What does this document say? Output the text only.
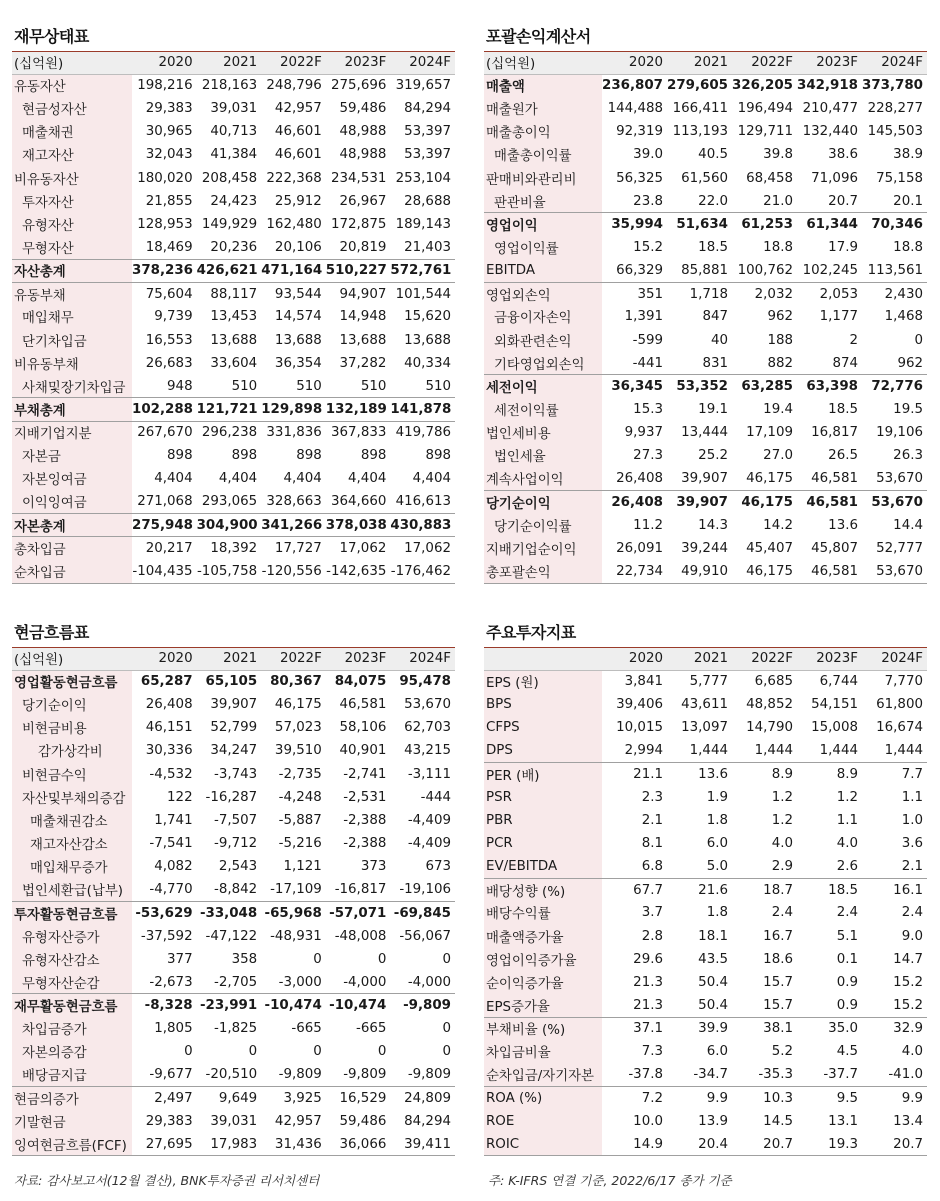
재무상태표
(십억원)	2020	2021	2022F	2023F	2024F
유동자산	198,216	218,163	248,796	275,696	319,657
현금성자산	29,383	39,031	42,957	59,486	84,294
매출채권	30,965	40,713	46,601	48,988	53,397
재고자산	32,043	41,384	46,601	48,988	53,397
비유동자산	180,020	208,458	222,368	234,531	253,104
투자자산	21,855	24,423	25,912	26,967	28,688
유형자산	128,953	149,929	162,480	172,875	189,143
무형자산	18,469	20,236	20,106	20,819	21,403
자산총계	378,236	426,621	471,164	510,227	572,761
유동부채	75,604	88,117	93,544	94,907	101,544
매입채무	9,739	13,453	14,574	14,948	15,620
단기차입금	16,553	13,688	13,688	13,688	13,688
비유동부채	26,683	33,604	36,354	37,282	40,334
사채및장기차입금	948	510	510	510	510
부채총계	102,288	121,721	129,898	132,189	141,878
지배기업지분	267,670	296,238	331,836	367,833	419,786
자본금	898	898	898	898	898
자본잉여금	4,404	4,404	4,404	4,404	4,404
이익잉여금	271,068	293,065	328,663	364,660	416,613
자본총계	275,948	304,900	341,266	378,038	430,883
총차입금	20,217	18,392	17,727	17,062	17,062
순차입금	-104,435	-105,758	-120,556	-142,635	-176,462
포괄손익계산서
(십억원)	2020	2021	2022F	2023F	2024F
매출액	236,807	279,605	326,205	342,918	373,780
매출원가	144,488	166,411	196,494	210,477	228,277
매출총이익	92,319	113,193	129,711	132,440	145,503
매출총이익률	39.0	40.5	39.8	38.6	38.9
판매비와관리비	56,325	61,560	68,458	71,096	75,158
판관비율	23.8	22.0	21.0	20.7	20.1
영업이익	35,994	51,634	61,253	61,344	70,346
영업이익률	15.2	18.5	18.8	17.9	18.8
EBITDA	66,329	85,881	100,762	102,245	113,561
영업외손익	351	1,718	2,032	2,053	2,430
금융이자손익	1,391	847	962	1,177	1,468
외화관련손익	-599	40	188	2	0
기타영업외손익	-441	831	882	874	962
세전이익	36,345	53,352	63,285	63,398	72,776
세전이익률	15.3	19.1	19.4	18.5	19.5
법인세비용	9,937	13,444	17,109	16,817	19,106
법인세율	27.3	25.2	27.0	26.5	26.3
계속사업이익	26,408	39,907	46,175	46,581	53,670
당기순이익	26,408	39,907	46,175	46,581	53,670
당기순이익률	11.2	14.3	14.2	13.6	14.4
지배기업순이익	26,091	39,244	45,407	45,807	52,777
총포괄손익	22,734	49,910	46,175	46,581	53,670
현금흐름표
(십억원)	2020	2021	2022F	2023F	2024F
영업활동현금흐름	65,287	65,105	80,367	84,075	95,478
당기순이익	26,408	39,907	46,175	46,581	53,670
비현금비용	46,151	52,799	57,023	58,106	62,703
감가상각비	30,336	34,247	39,510	40,901	43,215
비현금수익	-4,532	-3,743	-2,735	-2,741	-3,111
자산및부채의증감	122	-16,287	-4,248	-2,531	-444
매출채권감소	1,741	-7,507	-5,887	-2,388	-4,409
재고자산감소	-7,541	-9,712	-5,216	-2,388	-4,409
매입채무증가	4,082	2,543	1,121	373	673
법인세환급(납부)	-4,770	-8,842	-17,109	-16,817	-19,106
투자활동현금흐름	-53,629	-33,048	-65,968	-57,071	-69,845
유형자산증가	-37,592	-47,122	-48,931	-48,008	-56,067
유형자산감소	377	358	0	0	0
무형자산순감	-2,673	-2,705	-3,000	-4,000	-4,000
재무활동현금흐름	-8,328	-23,991	-10,474	-10,474	-9,809
차입금증가	1,805	-1,825	-665	-665	0
자본의증감	0	0	0	0	0
배당금지급	-9,677	-20,510	-9,809	-9,809	-9,809
현금의증가	2,497	9,649	3,925	16,529	24,809
기말현금	29,383	39,031	42,957	59,486	84,294
잉여현금흐름(FCF)	27,695	17,983	31,436	36,066	39,411
주요투자지표
	2020	2021	2022F	2023F	2024F
EPS (원)	3,841	5,777	6,685	6,744	7,770
BPS	39,406	43,611	48,852	54,151	61,800
CFPS	10,015	13,097	14,790	15,008	16,674
DPS	2,994	1,444	1,444	1,444	1,444
PER (배)	21.1	13.6	8.9	8.9	7.7
PSR	2.3	1.9	1.2	1.2	1.1
PBR	2.1	1.8	1.2	1.1	1.0
PCR	8.1	6.0	4.0	4.0	3.6
EV/EBITDA	6.8	5.0	2.9	2.6	2.1
배당성향 (%)	67.7	21.6	18.7	18.5	16.1
배당수익률	3.7	1.8	2.4	2.4	2.4
매출액증가율	2.8	18.1	16.7	5.1	9.0
영업이익증가율	29.6	43.5	18.6	0.1	14.7
순이익증가율	21.3	50.4	15.7	0.9	15.2
EPS증가율	21.3	50.4	15.7	0.9	15.2
부채비율 (%)	37.1	39.9	38.1	35.0	32.9
차입금비율	7.3	6.0	5.2	4.5	4.0
순차입금/자기자본	-37.8	-34.7	-35.3	-37.7	-41.0
ROA (%)	7.2	9.9	10.3	9.5	9.9
ROE	10.0	13.9	14.5	13.1	13.4
ROIC	14.9	20.4	20.7	19.3	20.7
자료: 감사보고서(12월 결산), BNK투자증권 리서치센터	주: K-IFRS 연결 기준, 2022/6/17 종가 기준
